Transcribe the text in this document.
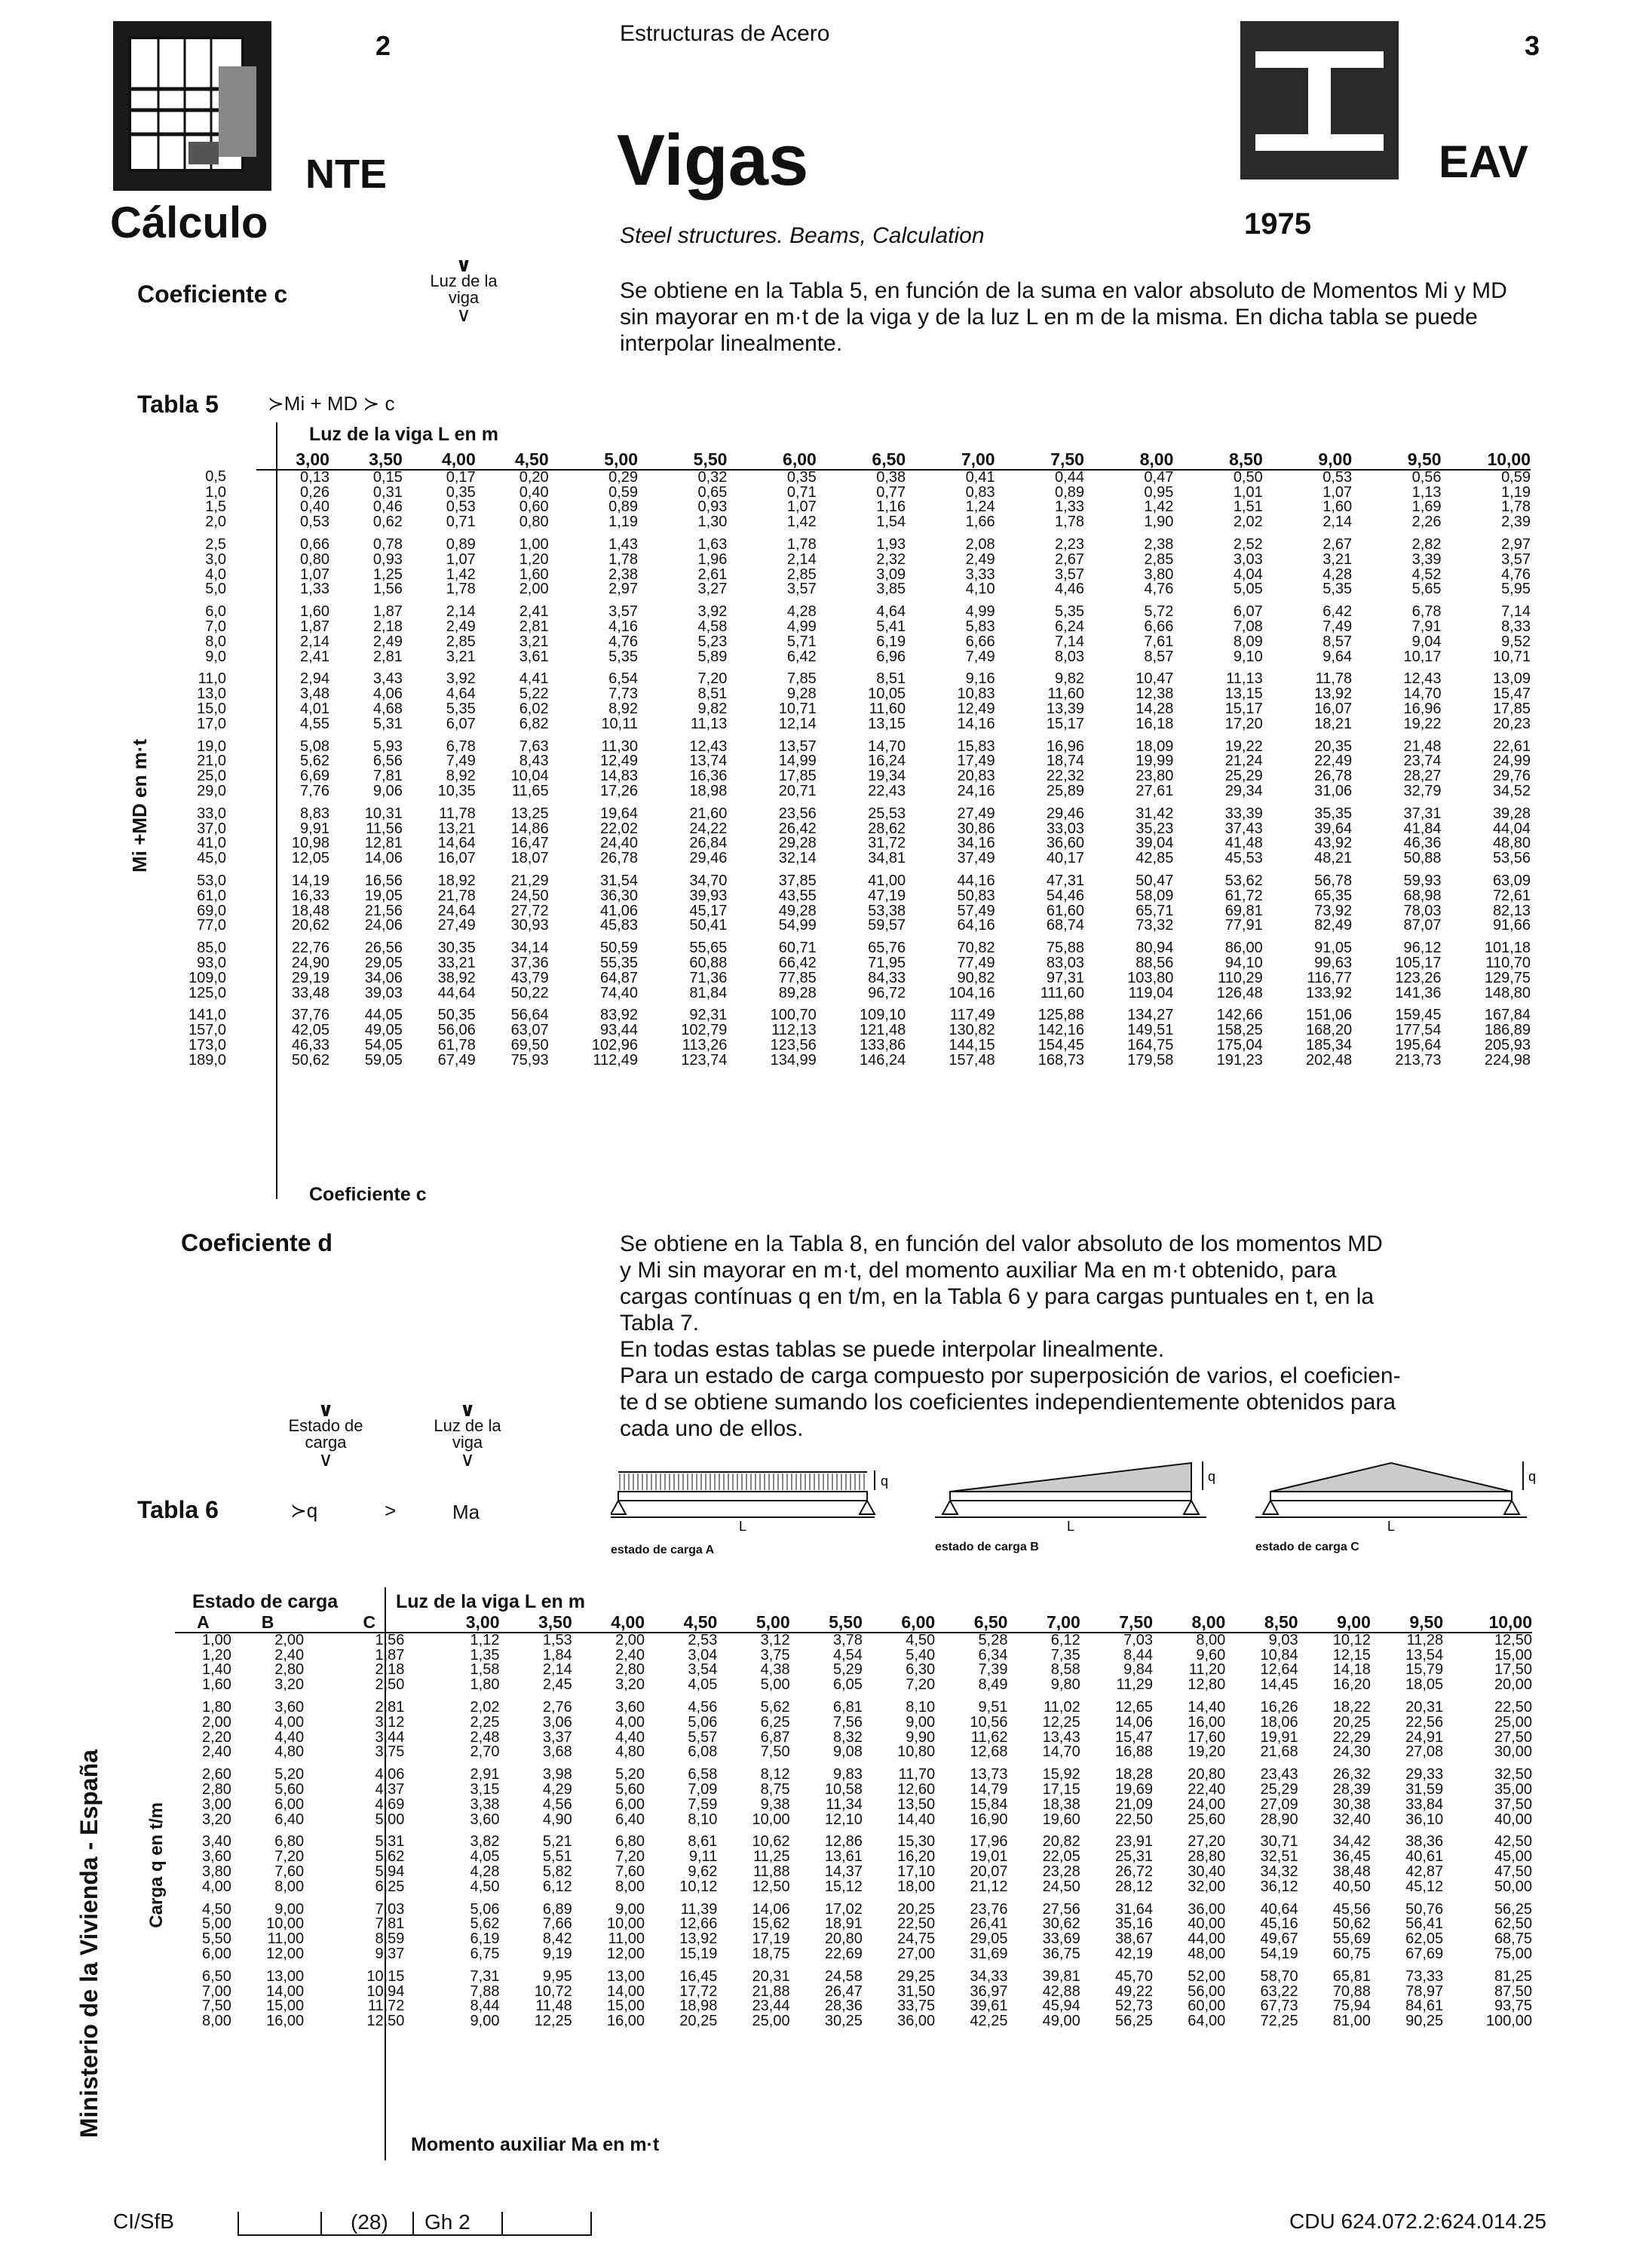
2
NTE
Cálculo
Estructuras de Acero
Vigas
Steel structures. Beams, Calculation
3
EAV
1975
Coeficiente c
∨
Luz de la viga
∨
Se obtiene en la Tabla 5, en función de la suma en valor absoluto de Momentos Mi y MD sin mayorar en m·t de la viga y de la luz L en m de la misma. En dicha tabla se puede interpolar linealmente.
Tabla 5	≻Mi + MD ≻ c
Luz de la viga L en m
Mi +MD en m·t
	3,00	3,50	4,00	4,50	5,00	5,50	6,00	6,50	7,00	7,50	8,00	8,50	9,00	9,50	10,00
0,5	0,13	0,15	0,17	0,20	0,29	0,32	0,35	0,38	0,41	0,44	0,47	0,50	0,53	0,56	0,59
1,0	0,26	0,31	0,35	0,40	0,59	0,65	0,71	0,77	0,83	0,89	0,95	1,01	1,07	1,13	1,19
1,5	0,40	0,46	0,53	0,60	0,89	0,93	1,07	1,16	1,24	1,33	1,42	1,51	1,60	1,69	1,78
2,0	0,53	0,62	0,71	0,80	1,19	1,30	1,42	1,54	1,66	1,78	1,90	2,02	2,14	2,26	2,39
2,5	0,66	0,78	0,89	1,00	1,43	1,63	1,78	1,93	2,08	2,23	2,38	2,52	2,67	2,82	2,97
3,0	0,80	0,93	1,07	1,20	1,78	1,96	2,14	2,32	2,49	2,67	2,85	3,03	3,21	3,39	3,57
4,0	1,07	1,25	1,42	1,60	2,38	2,61	2,85	3,09	3,33	3,57	3,80	4,04	4,28	4,52	4,76
5,0	1,33	1,56	1,78	2,00	2,97	3,27	3,57	3,85	4,10	4,46	4,76	5,05	5,35	5,65	5,95
6,0	1,60	1,87	2,14	2,41	3,57	3,92	4,28	4,64	4,99	5,35	5,72	6,07	6,42	6,78	7,14
7,0	1,87	2,18	2,49	2,81	4,16	4,58	4,99	5,41	5,83	6,24	6,66	7,08	7,49	7,91	8,33
8,0	2,14	2,49	2,85	3,21	4,76	5,23	5,71	6,19	6,66	7,14	7,61	8,09	8,57	9,04	9,52
9,0	2,41	2,81	3,21	3,61	5,35	5,89	6,42	6,96	7,49	8,03	8,57	9,10	9,64	10,17	10,71
11,0	2,94	3,43	3,92	4,41	6,54	7,20	7,85	8,51	9,16	9,82	10,47	11,13	11,78	12,43	13,09
13,0	3,48	4,06	4,64	5,22	7,73	8,51	9,28	10,05	10,83	11,60	12,38	13,15	13,92	14,70	15,47
15,0	4,01	4,68	5,35	6,02	8,92	9,82	10,71	11,60	12,49	13,39	14,28	15,17	16,07	16,96	17,85
17,0	4,55	5,31	6,07	6,82	10,11	11,13	12,14	13,15	14,16	15,17	16,18	17,20	18,21	19,22	20,23
19,0	5,08	5,93	6,78	7,63	11,30	12,43	13,57	14,70	15,83	16,96	18,09	19,22	20,35	21,48	22,61
21,0	5,62	6,56	7,49	8,43	12,49	13,74	14,99	16,24	17,49	18,74	19,99	21,24	22,49	23,74	24,99
25,0	6,69	7,81	8,92	10,04	14,83	16,36	17,85	19,34	20,83	22,32	23,80	25,29	26,78	28,27	29,76
29,0	7,76	9,06	10,35	11,65	17,26	18,98	20,71	22,43	24,16	25,89	27,61	29,34	31,06	32,79	34,52
33,0	8,83	10,31	11,78	13,25	19,64	21,60	23,56	25,53	27,49	29,46	31,42	33,39	35,35	37,31	39,28
37,0	9,91	11,56	13,21	14,86	22,02	24,22	26,42	28,62	30,86	33,03	35,23	37,43	39,64	41,84	44,04
41,0	10,98	12,81	14,64	16,47	24,40	26,84	29,28	31,72	34,16	36,60	39,04	41,48	43,92	46,36	48,80
45,0	12,05	14,06	16,07	18,07	26,78	29,46	32,14	34,81	37,49	40,17	42,85	45,53	48,21	50,88	53,56
53,0	14,19	16,56	18,92	21,29	31,54	34,70	37,85	41,00	44,16	47,31	50,47	53,62	56,78	59,93	63,09
61,0	16,33	19,05	21,78	24,50	36,30	39,93	43,55	47,19	50,83	54,46	58,09	61,72	65,35	68,98	72,61
69,0	18,48	21,56	24,64	27,72	41,06	45,17	49,28	53,38	57,49	61,60	65,71	69,81	73,92	78,03	82,13
77,0	20,62	24,06	27,49	30,93	45,83	50,41	54,99	59,57	64,16	68,74	73,32	77,91	82,49	87,07	91,66
85,0	22,76	26,56	30,35	34,14	50,59	55,65	60,71	65,76	70,82	75,88	80,94	86,00	91,05	96,12	101,18
93,0	24,90	29,05	33,21	37,36	55,35	60,88	66,42	71,95	77,49	83,03	88,56	94,10	99,63	105,17	110,70
109,0	29,19	34,06	38,92	43,79	64,87	71,36	77,85	84,33	90,82	97,31	103,80	110,29	116,77	123,26	129,75
125,0	33,48	39,03	44,64	50,22	74,40	81,84	89,28	96,72	104,16	111,60	119,04	126,48	133,92	141,36	148,80
141,0	37,76	44,05	50,35	56,64	83,92	92,31	100,70	109,10	117,49	125,88	134,27	142,66	151,06	159,45	167,84
157,0	42,05	49,05	56,06	63,07	93,44	102,79	112,13	121,48	130,82	142,16	149,51	158,25	168,20	177,54	186,89
173,0	46,33	54,05	61,78	69,50	102,96	113,26	123,56	133,86	144,15	154,45	164,75	175,04	185,34	195,64	205,93
189,0	50,62	59,05	67,49	75,93	112,49	123,74	134,99	146,24	157,48	168,73	179,58	191,23	202,48	213,73	224,98
Coeficiente c
Coeficiente d	Se obtiene en la Tabla 8, en función del valor absoluto de los momentos MD
y Mi sin mayorar en m·t, del momento auxiliar Ma en m·t obtenido, para
cargas contínuas q en t/m, en la Tabla 6 y para cargas puntuales en t, en la
Tabla 7.
En todas estas tablas se puede interpolar linealmente.
Para un estado de carga compuesto por superposición de varios, el coeficien-
te d se obtiene sumando los coeficientes independientemente obtenidos para
cada uno de ellos.
∨
Estado de carga
∨
∨
Luz de la viga
∨
Tabla 6	≻q	>	Ma
q
L
estado de carga A
q
L
estado de carga B
q
L
estado de carga C
Estado de carga	Luz de la viga L en m
Carga q en t/m
A	B	C	3,00	3,50	4,00	4,50	5,00	5,50	6,00	6,50	7,00	7,50	8,00	8,50	9,00	9,50	10,00
1,00	2,00	1,56	1,12	1,53	2,00	2,53	3,12	3,78	4,50	5,28	6,12	7,03	8,00	9,03	10,12	11,28	12,50
1,20	2,40	1,87	1,35	1,84	2,40	3,04	3,75	4,54	5,40	6,34	7,35	8,44	9,60	10,84	12,15	13,54	15,00
1,40	2,80	2,18	1,58	2,14	2,80	3,54	4,38	5,29	6,30	7,39	8,58	9,84	11,20	12,64	14,18	15,79	17,50
1,60	3,20	2,50	1,80	2,45	3,20	4,05	5,00	6,05	7,20	8,49	9,80	11,29	12,80	14,45	16,20	18,05	20,00
1,80	3,60	2,81	2,02	2,76	3,60	4,56	5,62	6,81	8,10	9,51	11,02	12,65	14,40	16,26	18,22	20,31	22,50
2,00	4,00	3,12	2,25	3,06	4,00	5,06	6,25	7,56	9,00	10,56	12,25	14,06	16,00	18,06	20,25	22,56	25,00
2,20	4,40	3,44	2,48	3,37	4,40	5,57	6,87	8,32	9,90	11,62	13,43	15,47	17,60	19,91	22,29	24,91	27,50
2,40	4,80	3,75	2,70	3,68	4,80	6,08	7,50	9,08	10,80	12,68	14,70	16,88	19,20	21,68	24,30	27,08	30,00
2,60	5,20	4,06	2,91	3,98	5,20	6,58	8,12	9,83	11,70	13,73	15,92	18,28	20,80	23,43	26,32	29,33	32,50
2,80	5,60	4,37	3,15	4,29	5,60	7,09	8,75	10,58	12,60	14,79	17,15	19,69	22,40	25,29	28,39	31,59	35,00
3,00	6,00	4,69	3,38	4,56	6,00	7,59	9,38	11,34	13,50	15,84	18,38	21,09	24,00	27,09	30,38	33,84	37,50
3,20	6,40	5,00	3,60	4,90	6,40	8,10	10,00	12,10	14,40	16,90	19,60	22,50	25,60	28,90	32,40	36,10	40,00
3,40	6,80	5,31	3,82	5,21	6,80	8,61	10,62	12,86	15,30	17,96	20,82	23,91	27,20	30,71	34,42	38,36	42,50
3,60	7,20	5,62	4,05	5,51	7,20	9,11	11,25	13,61	16,20	19,01	22,05	25,31	28,80	32,51	36,45	40,61	45,00
3,80	7,60	5,94	4,28	5,82	7,60	9,62	11,88	14,37	17,10	20,07	23,28	26,72	30,40	34,32	38,48	42,87	47,50
4,00	8,00	6,25	4,50	6,12	8,00	10,12	12,50	15,12	18,00	21,12	24,50	28,12	32,00	36,12	40,50	45,12	50,00
4,50	9,00	7,03	5,06	6,89	9,00	11,39	14,06	17,02	20,25	23,76	27,56	31,64	36,00	40,64	45,56	50,76	56,25
5,00	10,00	7,81	5,62	7,66	10,00	12,66	15,62	18,91	22,50	26,41	30,62	35,16	40,00	45,16	50,62	56,41	62,50
5,50	11,00	8,59	6,19	8,42	11,00	13,92	17,19	20,80	24,75	29,05	33,69	38,67	44,00	49,67	55,69	62,05	68,75
6,00	12,00	9,37	6,75	9,19	12,00	15,19	18,75	22,69	27,00	31,69	36,75	42,19	48,00	54,19	60,75	67,69	75,00
6,50	13,00	10,15	7,31	9,95	13,00	16,45	20,31	24,58	29,25	34,33	39,81	45,70	52,00	58,70	65,81	73,33	81,25
7,00	14,00	10,94	7,88	10,72	14,00	17,72	21,88	26,47	31,50	36,97	42,88	49,22	56,00	63,22	70,88	78,97	87,50
7,50	15,00	11,72	8,44	11,48	15,00	18,98	23,44	28,36	33,75	39,61	45,94	52,73	60,00	67,73	75,94	84,61	93,75
8,00	16,00	12,50	9,00	12,25	16,00	20,25	25,00	30,25	36,00	42,25	49,00	56,25	64,00	72,25	81,00	90,25	100,00
Momento auxiliar Ma en m·t
Ministerio de la Vivienda - España
CI/SfB	(28) Gh 2	CDU 624.072.2:624.014.25
